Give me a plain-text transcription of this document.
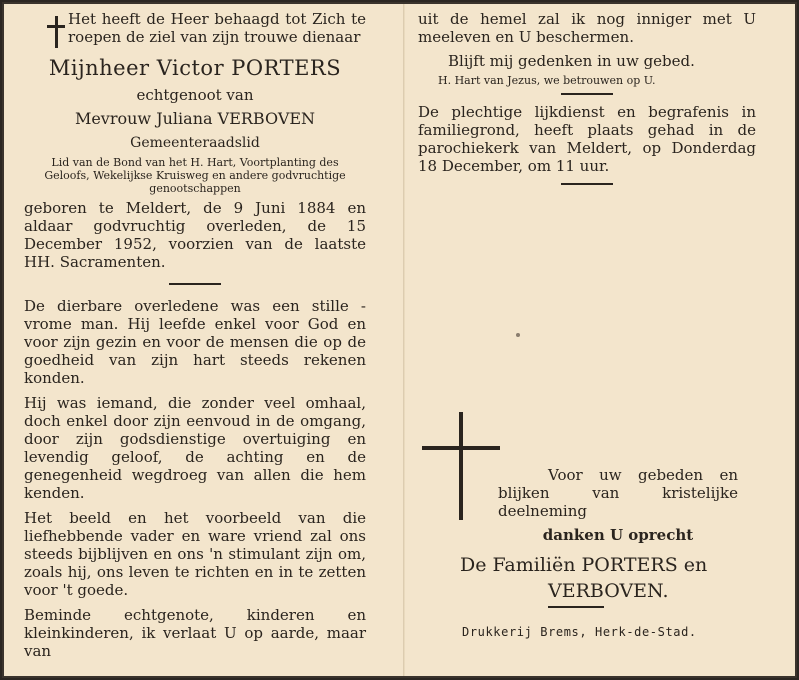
Het heeft de Heer behaagd tot Zich te roepen de ziel van zijn trouwe dienaar

Mijnheer Victor PORTERS

echtgenoot van

Mevrouw Juliana VERBOVEN

Gemeenteraadslid

Lid van de Bond van het H. Hart, Voortplanting des Geloofs, Wekelijkse Kruisweg en andere godvruchtige genootschappen

geboren te Meldert, de 9 Juni 1884 en aldaar godvruchtig overleden, de 15 December 1952, voorzien van de laatste HH. Sacramenten.

De dierbare overledene was een stille - vrome man. Hij leefde enkel voor God en voor zijn gezin en voor de mensen die op de goedheid van zijn hart steeds rekenen konden.

Hij was iemand, die zonder veel omhaal, doch enkel door zijn eenvoud in de omgang, door zijn godsdienstige overtuiging en levendig geloof, de achting en de genegenheid wegdroeg van allen die hem kenden.

Het beeld en het voorbeeld van die liefhebbende vader en ware vriend zal ons steeds bijblijven en ons 'n stimulant zijn om, zoals hij, ons leven te richten en in te zetten voor 't goede.

Beminde echtgenote, kinderen en kleinkinderen, ik verlaat U op aarde, maar van

uit de hemel zal ik nog inniger met U meeleven en U beschermen.

Blijft mij gedenken in uw gebed.

H. Hart van Jezus, we betrouwen op U.

De plechtige lijkdienst en begrafenis in familiegrond, heeft plaats gehad in de parochiekerk van Meldert, op Donderdag 18 December, om 11 uur.

Voor uw gebeden en blijken van kristelijke deelneming

danken U oprecht

De Familiën PORTERS en
VERBOVEN.
Drukkerij Brems, Herk-de-Stad.
